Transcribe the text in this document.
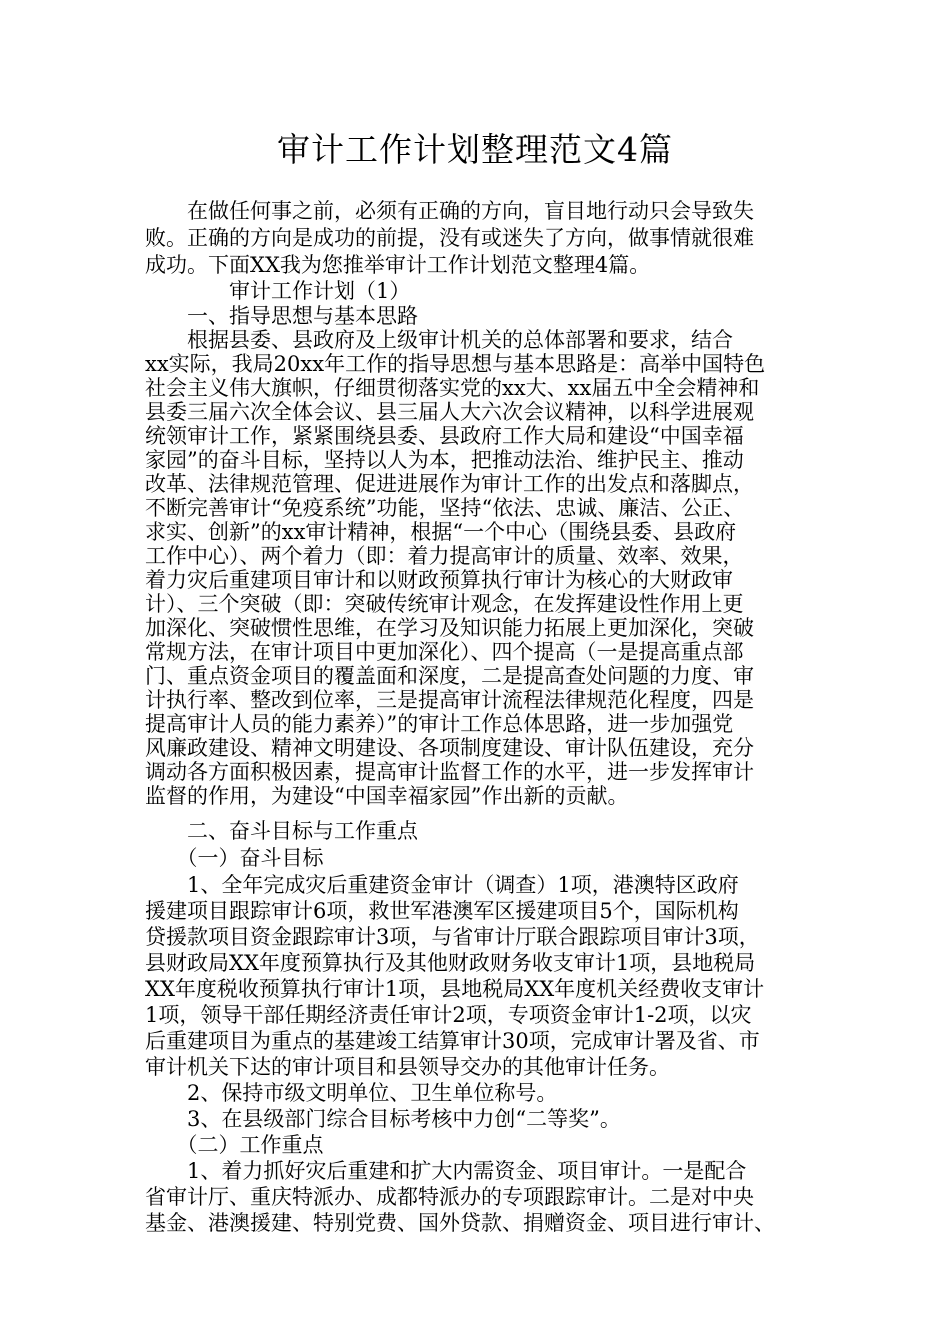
审计工作计划整理范文4篇
　　在做任何事之前，必须有正确的方向，盲目地行动只会导致失
败。正确的方向是成功的前提，没有或迷失了方向，做事情就很难
成功。下面XX我为您推举审计工作计划范文整理4篇。
　　　　审计工作计划（1）
　　一、指导思想与基本思路
　　根据县委、县政府及上级审计机关的总体部署和要求，结合
xx实际，我局20xx年工作的指导思想与基本思路是：高举中国特色
社会主义伟大旗帜，仔细贯彻落实党的xx大、xx届五中全会精神和
县委三届六次全体会议、县三届人大六次会议精神，以科学进展观
统领审计工作，紧紧围绕县委、县政府工作大局和建设“中国幸福
家园”的奋斗目标，坚持以人为本，把推动法治、维护民主、推动
改革、法律规范管理、促进进展作为审计工作的出发点和落脚点，
不断完善审计“免疫系统”功能，坚持“依法、忠诚、廉洁、公正、
求实、创新”的xx审计精神，根据“一个中心（围绕县委、县政府
工作中心）、两个着力（即：着力提高审计的质量、效率、效果，
着力灾后重建项目审计和以财政预算执行审计为核心的大财政审
计）、三个突破（即：突破传统审计观念，在发挥建设性作用上更
加深化、突破惯性思维，在学习及知识能力拓展上更加深化，突破
常规方法，在审计项目中更加深化）、四个提高（一是提高重点部
门、重点资金项目的覆盖面和深度，二是提高查处问题的力度、审
计执行率、整改到位率，三是提高审计流程法律规范化程度，四是
提高审计人员的能力素养）”的审计工作总体思路，进一步加强党
风廉政建设、精神文明建设、各项制度建设、审计队伍建设，充分
调动各方面积极因素，提高审计监督工作的水平，进一步发挥审计
监督的作用，为建设“中国幸福家园”作出新的贡献。
　　二、奋斗目标与工作重点
　　（一）奋斗目标
　　1、全年完成灾后重建资金审计（调查）1项，港澳特区政府
援建项目跟踪审计6项，救世军港澳军区援建项目5个，国际机构
贷援款项目资金跟踪审计3项，与省审计厅联合跟踪项目审计3项，
县财政局XX年度预算执行及其他财政财务收支审计1项，县地税局
XX年度税收预算执行审计1项，县地税局XX年度机关经费收支审计
1项，领导干部任期经济责任审计2项，专项资金审计1-2项，以灾
后重建项目为重点的基建竣工结算审计30项，完成审计署及省、市
审计机关下达的审计项目和县领导交办的其他审计任务。
　　2、保持市级文明单位、卫生单位称号。
　　3、在县级部门综合目标考核中力创“二等奖”。
　　（二）工作重点
　　1、着力抓好灾后重建和扩大内需资金、项目审计。一是配合
省审计厅、重庆特派办、成都特派办的专项跟踪审计。二是对中央
基金、港澳援建、特别党费、国外贷款、捐赠资金、项目进行审计、
